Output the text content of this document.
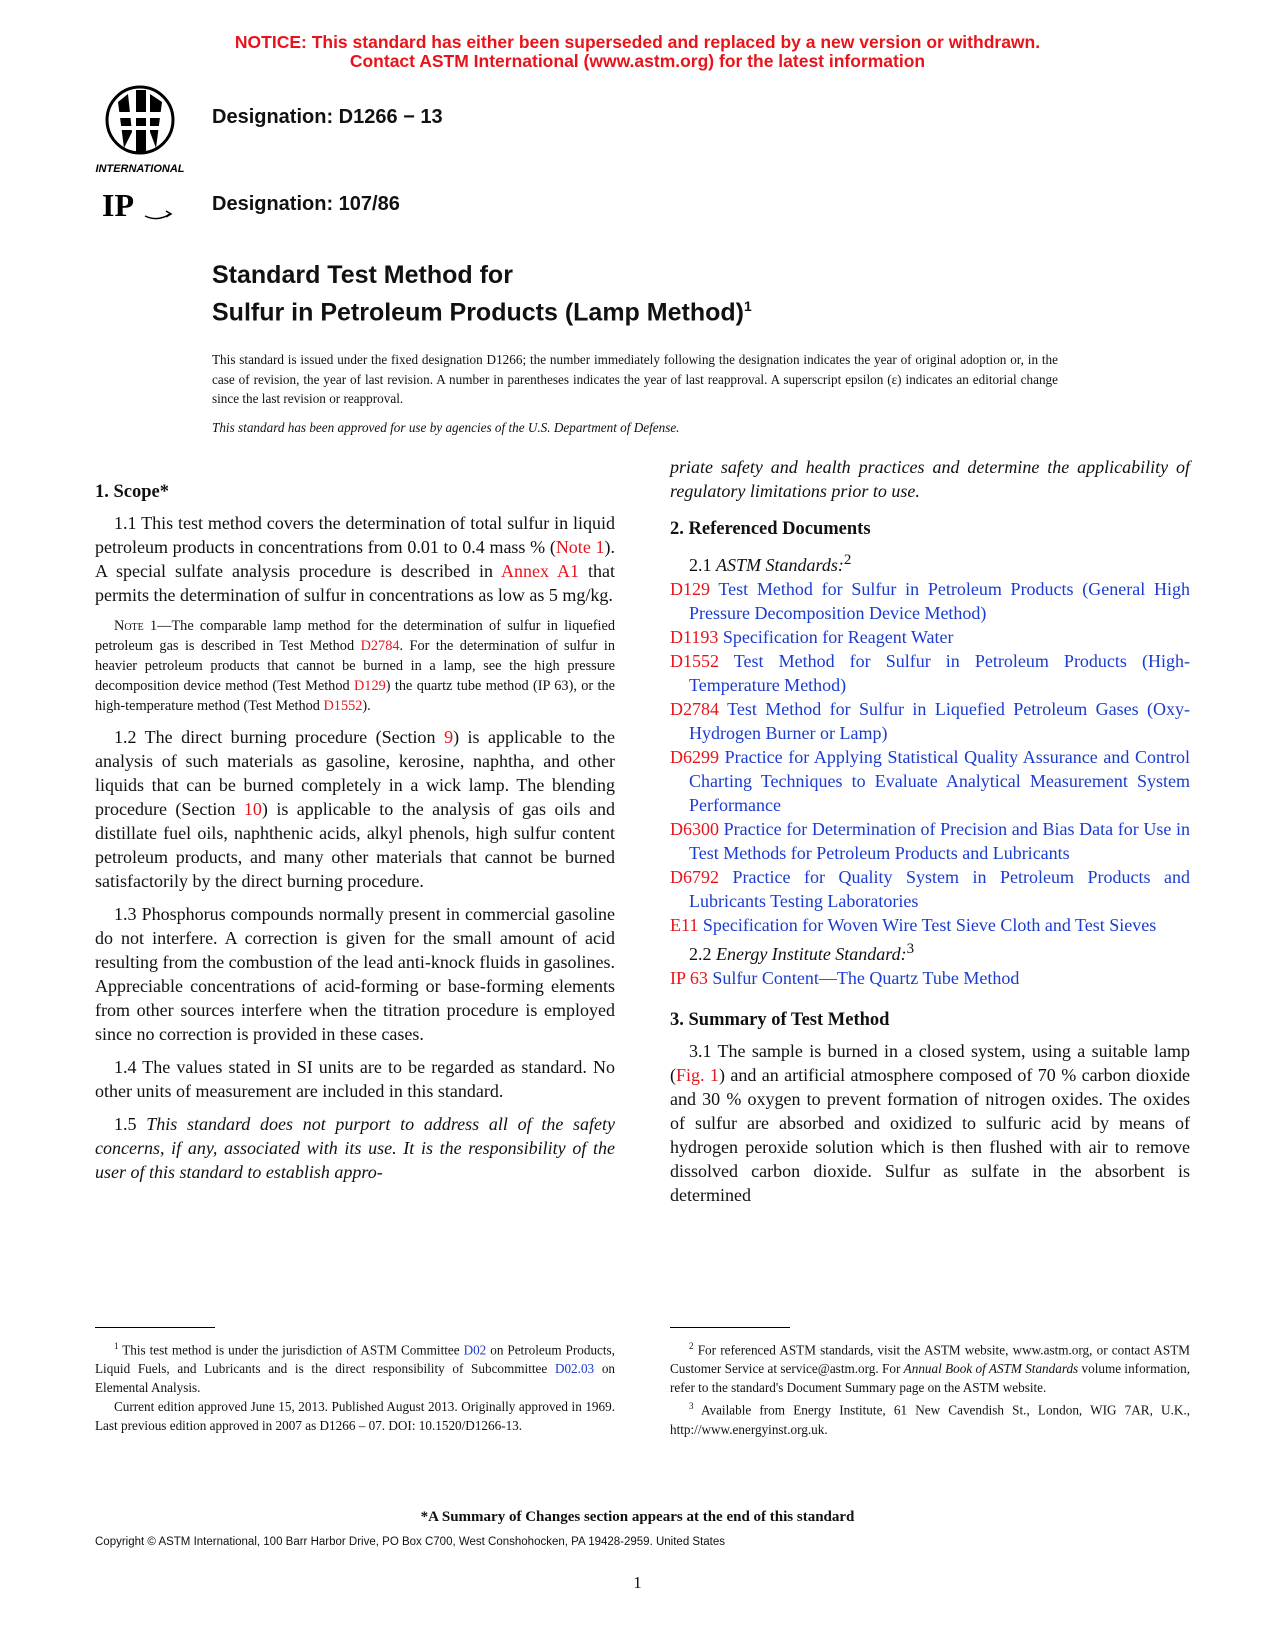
NOTICE: This standard has either been superseded and replaced by a new version or withdrawn.
Contact ASTM International (www.astm.org) for the latest information
INTERNATIONAL
IP
Designation: D1266 − 13
Designation: 107/86
Standard Test Method for
Sulfur in Petroleum Products (Lamp Method)$^1$
This standard is issued under the fixed designation D1266; the number immediately following the designation indicates the year of original adoption or, in the case of revision, the year of last revision. A number in parentheses indicates the year of last reapproval. A superscript epsilon (ε) indicates an editorial change since the last revision or reapproval.
This standard has been approved for use by agencies of the U.S. Department of Defense.
1. Scope*

1.1 This test method covers the determination of total sulfur in liquid petroleum products in concentrations from 0.01 to 0.4 mass % (Note 1). A special sulfate analysis procedure is described in Annex A1 that permits the determination of sulfur in concentrations as low as 5 mg/kg.

Note 1—The comparable lamp method for the determination of sulfur in liquefied petroleum gas is described in Test Method D2784. For the determination of sulfur in heavier petroleum products that cannot be burned in a lamp, see the high pressure decomposition device method (Test Method D129) the quartz tube method (IP 63), or the high-temperature method (Test Method D1552).

1.2 The direct burning procedure (Section 9) is applicable to the analysis of such materials as gasoline, kerosine, naphtha, and other liquids that can be burned completely in a wick lamp. The blending procedure (Section 10) is applicable to the analysis of gas oils and distillate fuel oils, naphthenic acids, alkyl phenols, high sulfur content petroleum products, and many other materials that cannot be burned satisfactorily by the direct burning procedure.

1.3 Phosphorus compounds normally present in commercial gasoline do not interfere. A correction is given for the small amount of acid resulting from the combustion of the lead anti-knock fluids in gasolines. Appreciable concentrations of acid-forming or base-forming elements from other sources interfere when the titration procedure is employed since no correction is provided in these cases.

1.4 The values stated in SI units are to be regarded as standard. No other units of measurement are included in this standard.

1.5 This standard does not purport to address all of the safety concerns, if any, associated with its use. It is the responsibility of the user of this standard to establish appro-

priate safety and health practices and determine the applicability of regulatory limitations prior to use.

2. Referenced Documents

2.1 ASTM Standards:$^2$

D129 Test Method for Sulfur in Petroleum Products (General High Pressure Decomposition Device Method)
D1193 Specification for Reagent Water
D1552 Test Method for Sulfur in Petroleum Products (High-Temperature Method)
D2784 Test Method for Sulfur in Liquefied Petroleum Gases (Oxy-Hydrogen Burner or Lamp)
D6299 Practice for Applying Statistical Quality Assurance and Control Charting Techniques to Evaluate Analytical Measurement System Performance
D6300 Practice for Determination of Precision and Bias Data for Use in Test Methods for Petroleum Products and Lubricants
D6792 Practice for Quality System in Petroleum Products and Lubricants Testing Laboratories
E11 Specification for Woven Wire Test Sieve Cloth and Test Sieves

2.2 Energy Institute Standard:$^3$

IP 63 Sulfur Content—The Quartz Tube Method
3. Summary of Test Method

3.1 The sample is burned in a closed system, using a suitable lamp (Fig. 1) and an artificial atmosphere composed of 70 % carbon dioxide and 30 % oxygen to prevent formation of nitrogen oxides. The oxides of sulfur are absorbed and oxidized to sulfuric acid by means of hydrogen peroxide solution which is then flushed with air to remove dissolved carbon dioxide. Sulfur as sulfate in the absorbent is determined

$^1$ This test method is under the jurisdiction of ASTM Committee D02 on Petroleum Products, Liquid Fuels, and Lubricants and is the direct responsibility of Subcommittee D02.03 on Elemental Analysis.

Current edition approved June 15, 2013. Published August 2013. Originally approved in 1969. Last previous edition approved in 2007 as D1266 – 07. DOI: 10.1520/D1266-13.

$^2$ For referenced ASTM standards, visit the ASTM website, www.astm.org, or contact ASTM Customer Service at service@astm.org. For Annual Book of ASTM Standards volume information, refer to the standard's Document Summary page on the ASTM website.

$^3$ Available from Energy Institute, 61 New Cavendish St., London, WIG 7AR, U.K., http://www.energyinst.org.uk.

*A Summary of Changes section appears at the end of this standard
Copyright © ASTM International, 100 Barr Harbor Drive, PO Box C700, West Conshohocken, PA 19428-2959. United States
1
